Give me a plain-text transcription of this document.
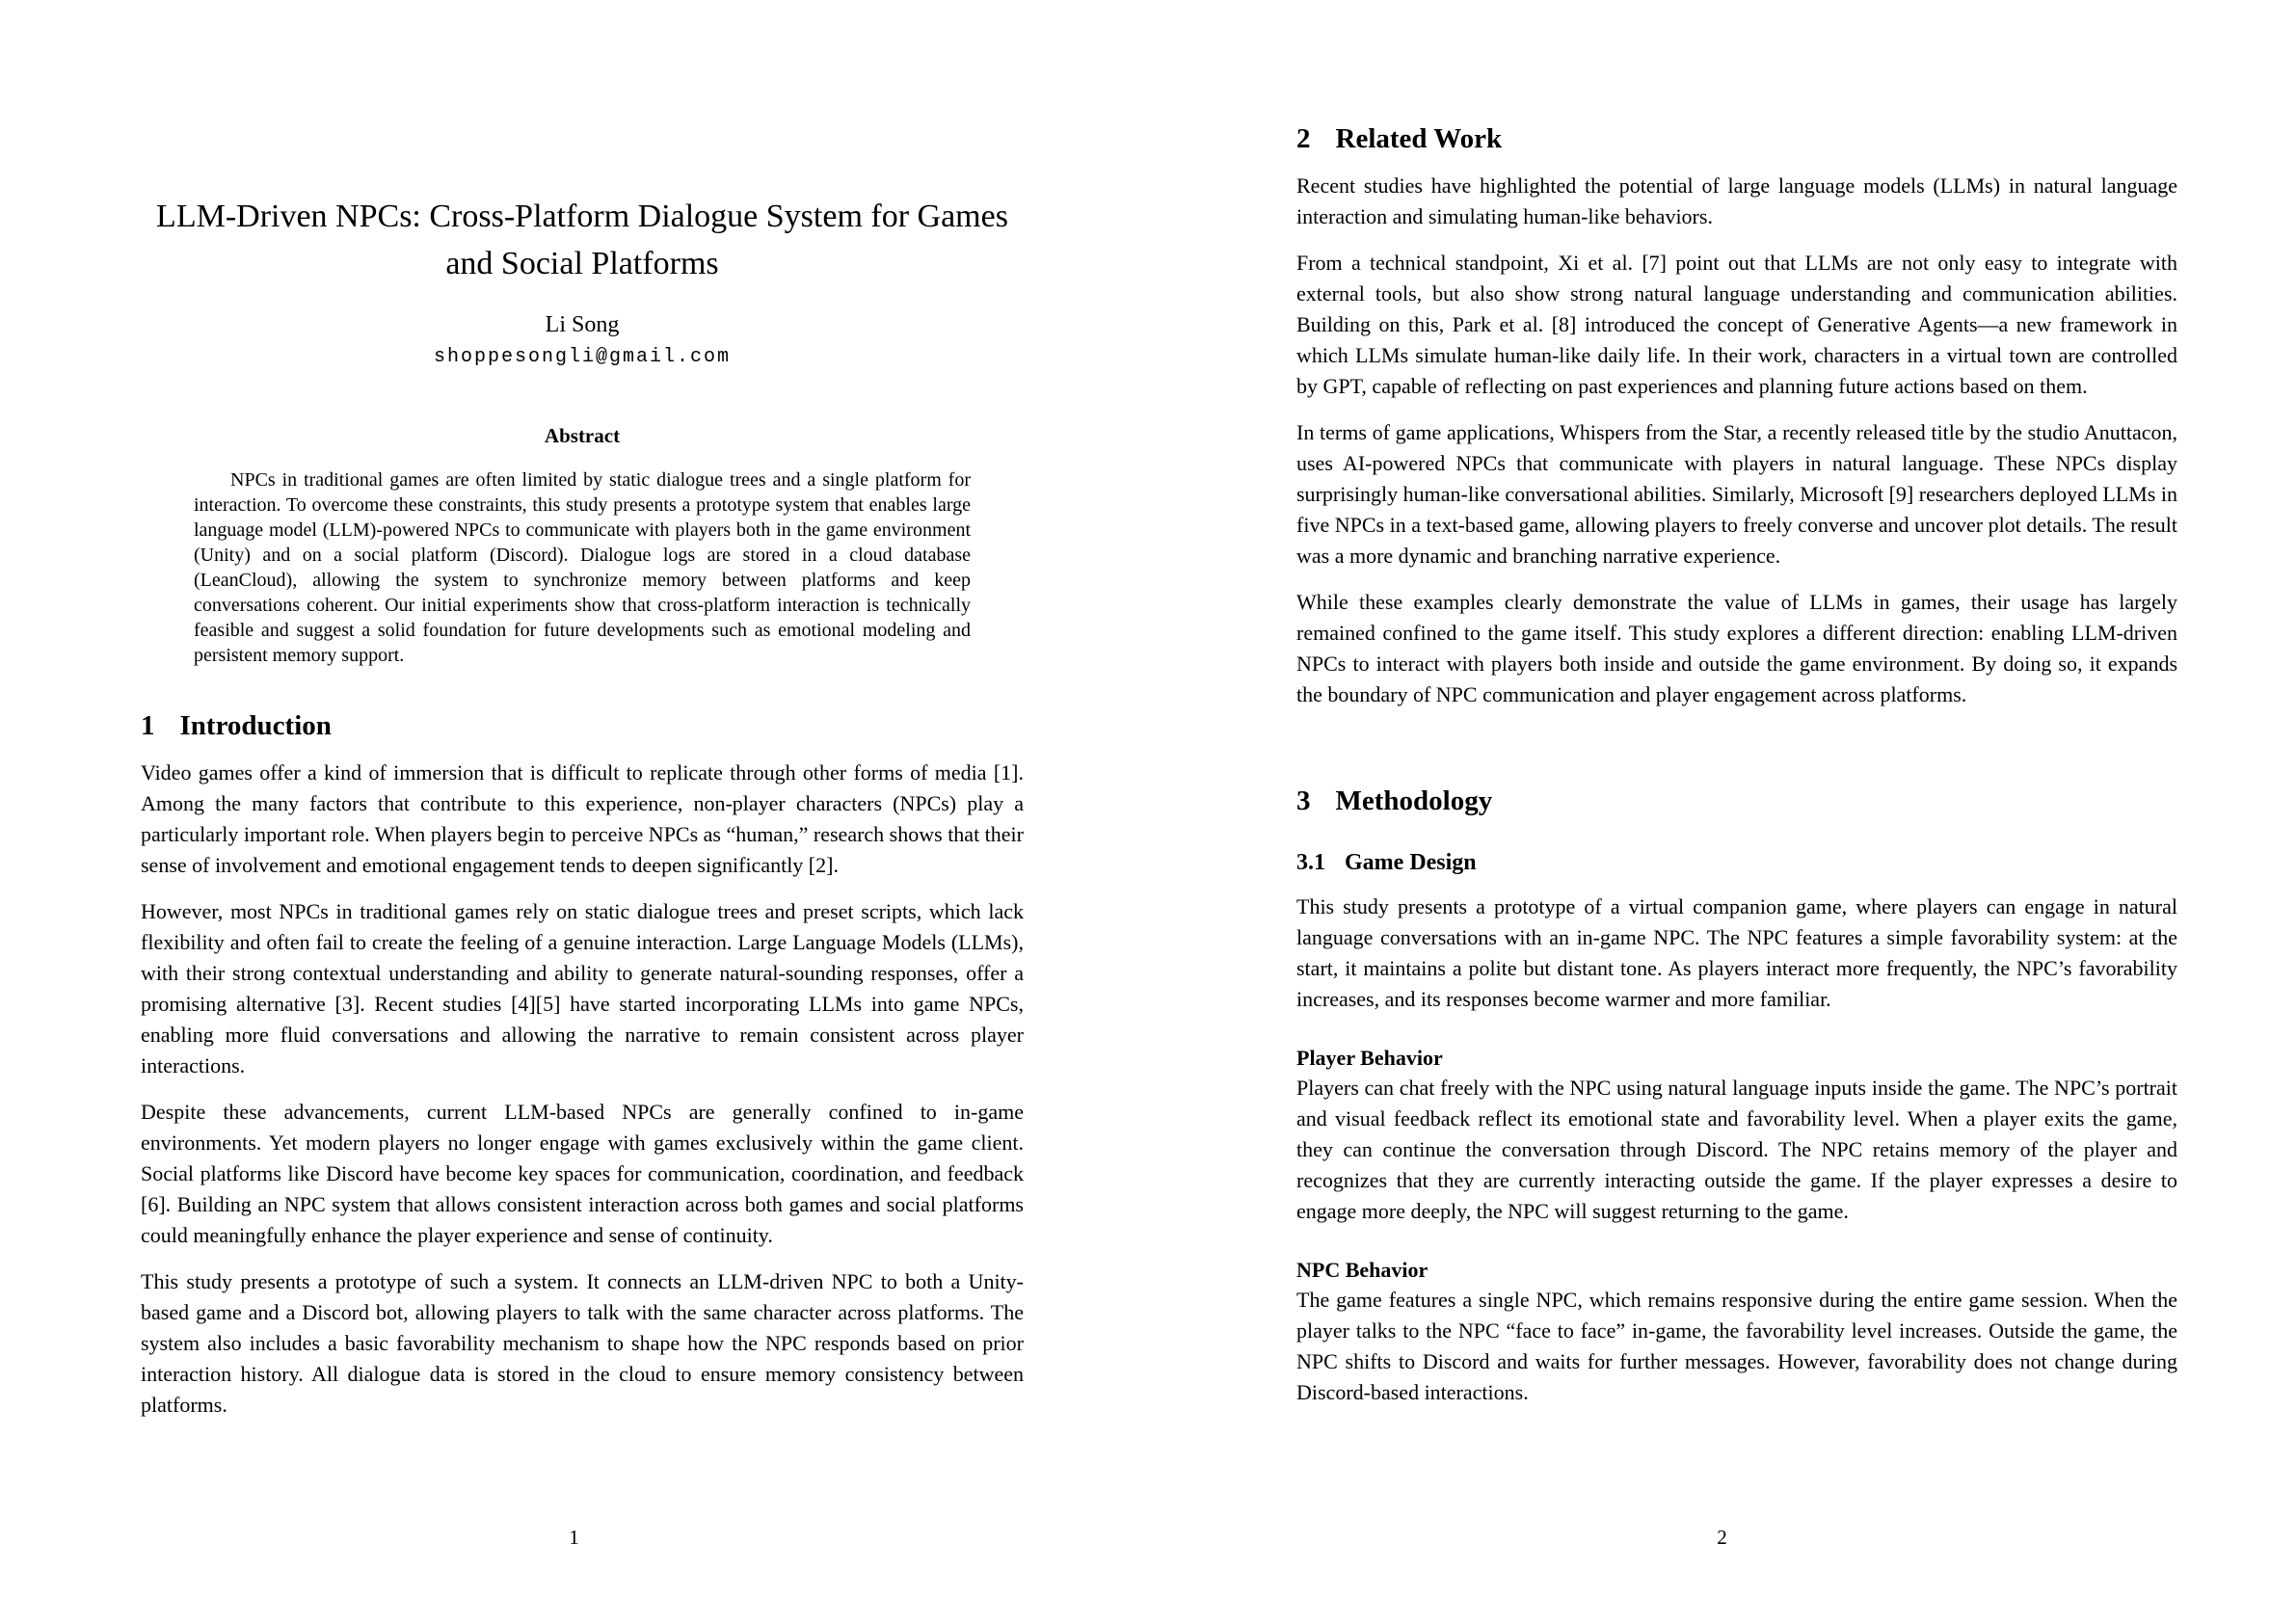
LLM-Driven NPCs: Cross-Platform Dialogue System for Games
and Social Platforms
Li Song
shoppesongli@gmail.com
Abstract

NPCs in traditional games are often limited by static dialogue trees and a single platform for interaction. To overcome these constraints, this study presents a prototype system that enables large language model (LLM)-powered NPCs to communicate with players both in the game environment (Unity) and on a social platform (Discord). Dialogue logs are stored in a cloud database (LeanCloud), allowing the system to synchronize memory between platforms and keep conversations coherent. Our initial experiments show that cross-platform interaction is technically feasible and suggest a solid foundation for future developments such as emotional modeling and persistent memory support.

1 Introduction

Video games offer a kind of immersion that is difficult to replicate through other forms of media [1]. Among the many factors that contribute to this experience, non-player characters (NPCs) play a particularly important role. When players begin to perceive NPCs as “human,” research shows that their sense of involvement and emotional engagement tends to deepen significantly [2].

However, most NPCs in traditional games rely on static dialogue trees and preset scripts, which lack flexibility and often fail to create the feeling of a genuine interaction. Large Language Models (LLMs), with their strong contextual understanding and ability to generate natural-sounding responses, offer a promising alternative [3]. Recent studies [4][5] have started incorporating LLMs into game NPCs, enabling more fluid conversations and allowing the narrative to remain consistent across player interactions.

Despite these advancements, current LLM-based NPCs are generally confined to in-game environments. Yet modern players no longer engage with games exclusively within the game client. Social platforms like Discord have become key spaces for communication, coordination, and feedback [6]. Building an NPC system that allows consistent interaction across both games and social platforms could meaningfully enhance the player experience and sense of continuity.

This study presents a prototype of such a system. It connects an LLM-driven NPC to both a Unity-based game and a Discord bot, allowing players to talk with the same character across platforms. The system also includes a basic favorability mechanism to shape how the NPC responds based on prior interaction history. All dialogue data is stored in the cloud to ensure memory consistency between platforms.

1
2 Related Work

Recent studies have highlighted the potential of large language models (LLMs) in natural language interaction and simulating human-like behaviors.

From a technical standpoint, Xi et al. [7] point out that LLMs are not only easy to integrate with external tools, but also show strong natural language understanding and communication abilities. Building on this, Park et al. [8] introduced the concept of Generative Agents—a new framework in which LLMs simulate human-like daily life. In their work, characters in a virtual town are controlled by GPT, capable of reflecting on past experiences and planning future actions based on them.

In terms of game applications, Whispers from the Star, a recently released title by the studio Anuttacon, uses AI-powered NPCs that communicate with players in natural language. These NPCs display surprisingly human-like conversational abilities. Similarly, Microsoft [9] researchers deployed LLMs in five NPCs in a text-based game, allowing players to freely converse and uncover plot details. The result was a more dynamic and branching narrative experience.

While these examples clearly demonstrate the value of LLMs in games, their usage has largely remained confined to the game itself. This study explores a different direction: enabling LLM-driven NPCs to interact with players both inside and outside the game environment. By doing so, it expands the boundary of NPC communication and player engagement across platforms.

3 Methodology
3.1 Game Design

This study presents a prototype of a virtual companion game, where players can engage in natural language conversations with an in-game NPC. The NPC features a simple favorability system: at the start, it maintains a polite but distant tone. As players interact more frequently, the NPC’s favorability increases, and its responses become warmer and more familiar.

Player Behavior

Players can chat freely with the NPC using natural language inputs inside the game. The NPC’s portrait and visual feedback reflect its emotional state and favorability level. When a player exits the game, they can continue the conversation through Discord. The NPC retains memory of the player and recognizes that they are currently interacting outside the game. If the player expresses a desire to engage more deeply, the NPC will suggest returning to the game.

NPC Behavior

The game features a single NPC, which remains responsive during the entire game session. When the player talks to the NPC “face to face” in-game, the favorability level increases. Outside the game, the NPC shifts to Discord and waits for further messages. However, favorability does not change during Discord-based interactions.

2
